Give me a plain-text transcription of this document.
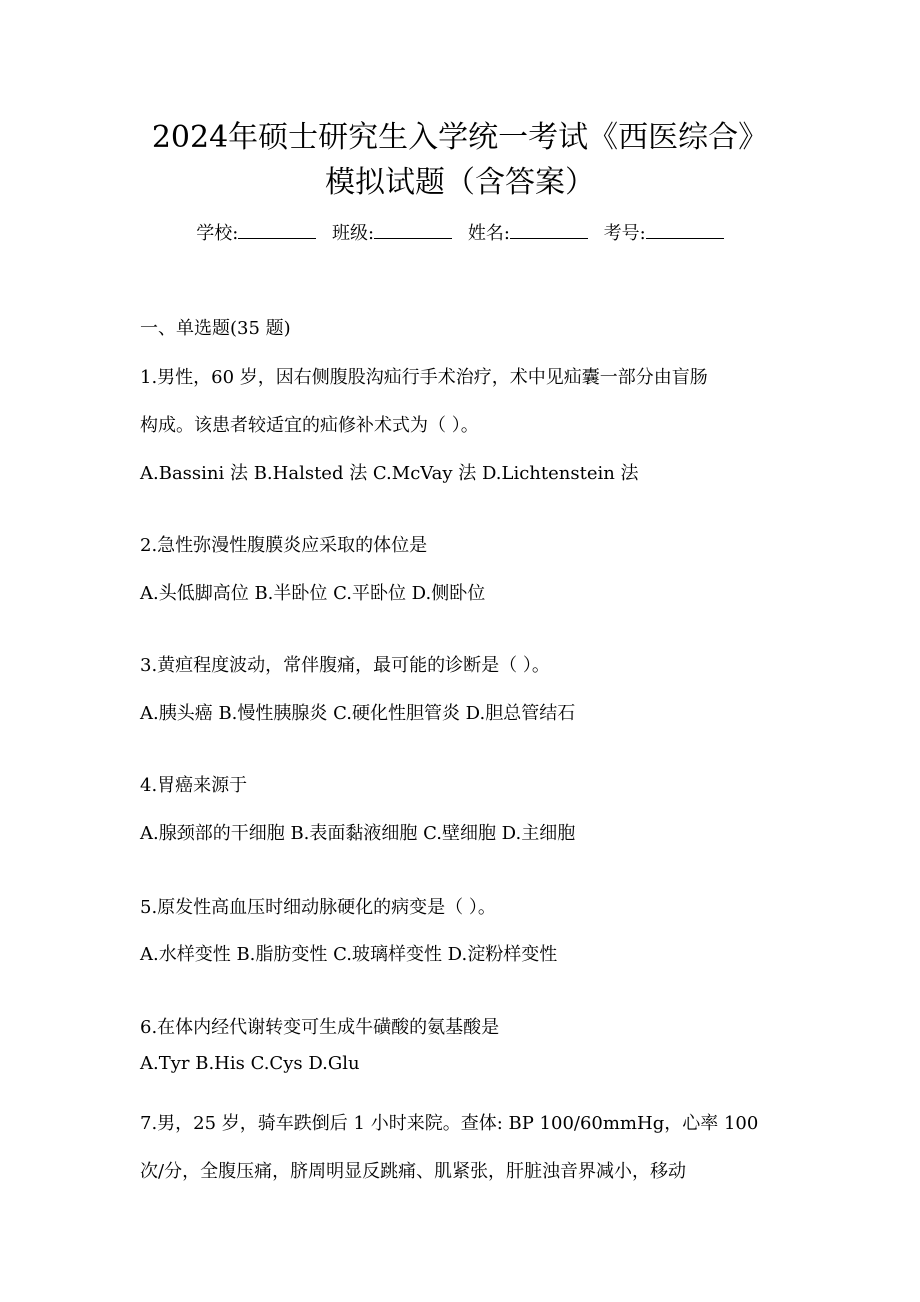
2024年硕士研究生入学统一考试《西医综合》
模拟试题（含答案）
学校:	班级:	姓名:	考号:
一、单选题(35 题)
1.男性，60 岁，因右侧腹股沟疝行手术治疗，术中见疝囊一部分由盲肠
构成。该患者较适宜的疝修补术式为（ ）。
A.Bassini 法 B.Halsted 法 C.McVay 法 D.Lichtenstein 法
2.急性弥漫性腹膜炎应采取的体位是
A.头低脚高位 B.半卧位 C.平卧位 D.侧卧位
3.黄疸程度波动，常伴腹痛，最可能的诊断是（ ）。
A.胰头癌 B.慢性胰腺炎 C.硬化性胆管炎 D.胆总管结石
4.胃癌来源于
A.腺颈部的干细胞 B.表面黏液细胞 C.壁细胞 D.主细胞
5.原发性高血压时细动脉硬化的病变是（ ）。
A.水样变性 B.脂肪变性 C.玻璃样变性 D.淀粉样变性
6.在体内经代谢转变可生成牛磺酸的氨基酸是
A.Tyr B.His C.Cys D.Glu
7.男，25 岁，骑车跌倒后 1 小时来院。查体: BP 100/60mmHg，心率 100
次/分，全腹压痛，脐周明显反跳痛、肌紧张，肝脏浊音界减小，移动
